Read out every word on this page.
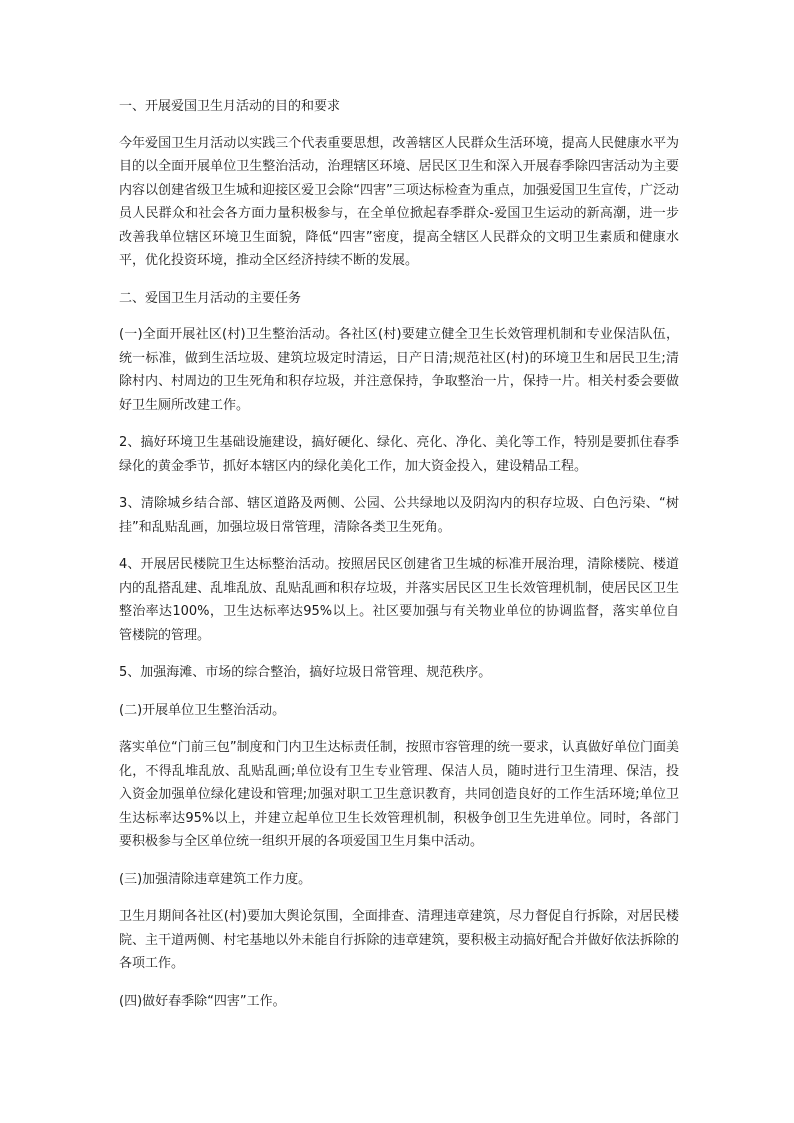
一、开展爱国卫生月活动的目的和要求

今年爱国卫生月活动以实践三个代表重要思想，改善辖区人民群众生活环境，提高人民健康水平为目的以全面开展单位卫生整治活动，治理辖区环境、居民区卫生和深入开展春季除四害活动为主要内容以创建省级卫生城和迎接区爱卫会除“四害”三项达标检查为重点，加强爱国卫生宣传，广泛动员人民群众和社会各方面力量积极参与，在全单位掀起春季群众-爱国卫生运动的新高潮，进一步改善我单位辖区环境卫生面貌，降低“四害”密度，提高全辖区人民群众的文明卫生素质和健康水平，优化投资环境，推动全区经济持续不断的发展。

二、爱国卫生月活动的主要任务

(一)全面开展社区(村)卫生整治活动。各社区(村)要建立健全卫生长效管理机制和专业保洁队伍，统一标准，做到生活垃圾、建筑垃圾定时清运，日产日清;规范社区(村)的环境卫生和居民卫生;清除村内、村周边的卫生死角和积存垃圾，并注意保持，争取整治一片，保持一片。相关村委会要做好卫生厕所改建工作。

2、搞好环境卫生基础设施建设，搞好硬化、绿化、亮化、净化、美化等工作，特别是要抓住春季绿化的黄金季节，抓好本辖区内的绿化美化工作，加大资金投入，建设精品工程。

3、清除城乡结合部、辖区道路及两侧、公园、公共绿地以及阴沟内的积存垃圾、白色污染、“树挂”和乱贴乱画，加强垃圾日常管理，清除各类卫生死角。

4、开展居民楼院卫生达标整治活动。按照居民区创建省卫生城的标准开展治理，清除楼院、楼道内的乱搭乱建、乱堆乱放、乱贴乱画和积存垃圾，并落实居民区卫生长效管理机制，使居民区卫生整治率达100%，卫生达标率达95%以上。社区要加强与有关物业单位的协调监督，落实单位自管楼院的管理。

5、加强海滩、市场的综合整治，搞好垃圾日常管理、规范秩序。

(二)开展单位卫生整治活动。

落实单位“门前三包”制度和门内卫生达标责任制，按照市容管理的统一要求，认真做好单位门面美化，不得乱堆乱放、乱贴乱画;单位设有卫生专业管理、保洁人员，随时进行卫生清理、保洁，投入资金加强单位绿化建设和管理;加强对职工卫生意识教育，共同创造良好的工作生活环境;单位卫生达标率达95%以上，并建立起单位卫生长效管理机制，积极争创卫生先进单位。同时，各部门要积极参与全区单位统一组织开展的各项爱国卫生月集中活动。

(三)加强清除违章建筑工作力度。

卫生月期间各社区(村)要加大舆论氛围，全面排查、清理违章建筑，尽力督促自行拆除，对居民楼院、主干道两侧、村宅基地以外未能自行拆除的违章建筑，要积极主动搞好配合并做好依法拆除的各项工作。

(四)做好春季除“四害”工作。
